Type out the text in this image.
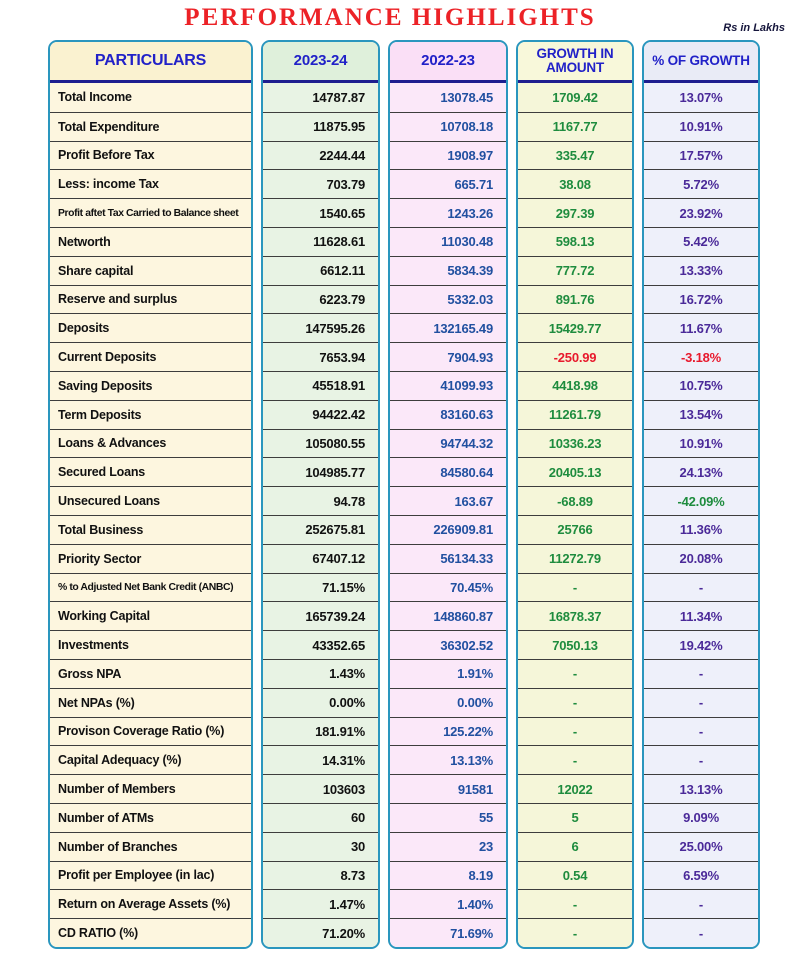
PERFORMANCE HIGHLIGHTS	Rs in Lakhs
PARTICULARS
Total Income
Total Expenditure
Profit Before Tax
Less: income Tax
Profit aftet Tax Carried to Balance sheet
Networth
Share capital
Reserve and surplus
Deposits
Current Deposits
Saving Deposits
Term Deposits
Loans & Advances
Secured Loans
Unsecured Loans
Total Business
Priority Sector
% to Adjusted Net Bank Credit (ANBC)
Working Capital
Investments
Gross NPA
Net NPAs (%)
Provison Coverage Ratio (%)
Capital Adequacy (%)
Number of Members
Number of ATMs
Number of Branches
Profit per Employee (in lac)
Return on Average Assets (%)
CD RATIO (%)
2023-24
14787.87
11875.95
2244.44
703.79
1540.65
11628.61
6612.11
6223.79
147595.26
7653.94
45518.91
94422.42
105080.55
104985.77
94.78
252675.81
67407.12
71.15%
165739.24
43352.65
1.43%
0.00%
181.91%
14.31%
103603
60
30
8.73
1.47%
71.20%
2022-23
13078.45
10708.18
1908.97
665.71
1243.26
11030.48
5834.39
5332.03
132165.49
7904.93
41099.93
83160.63
94744.32
84580.64
163.67
226909.81
56134.33
70.45%
148860.87
36302.52
1.91%
0.00%
125.22%
13.13%
91581
55
23
8.19
1.40%
71.69%
GROWTH IN AMOUNT
1709.42
1167.77
335.47
38.08
297.39
598.13
777.72
891.76
15429.77
-250.99
4418.98
11261.79
10336.23
20405.13
-68.89
25766
11272.79
-
16878.37
7050.13
-
-
-
-
12022
5
6
0.54
-
-
% OF GROWTH
13.07%
10.91%
17.57%
5.72%
23.92%
5.42%
13.33%
16.72%
11.67%
-3.18%
10.75%
13.54%
10.91%
24.13%
-42.09%
11.36%
20.08%
-
11.34%
19.42%
-
-
-
-
13.13%
9.09%
25.00%
6.59%
-
-
